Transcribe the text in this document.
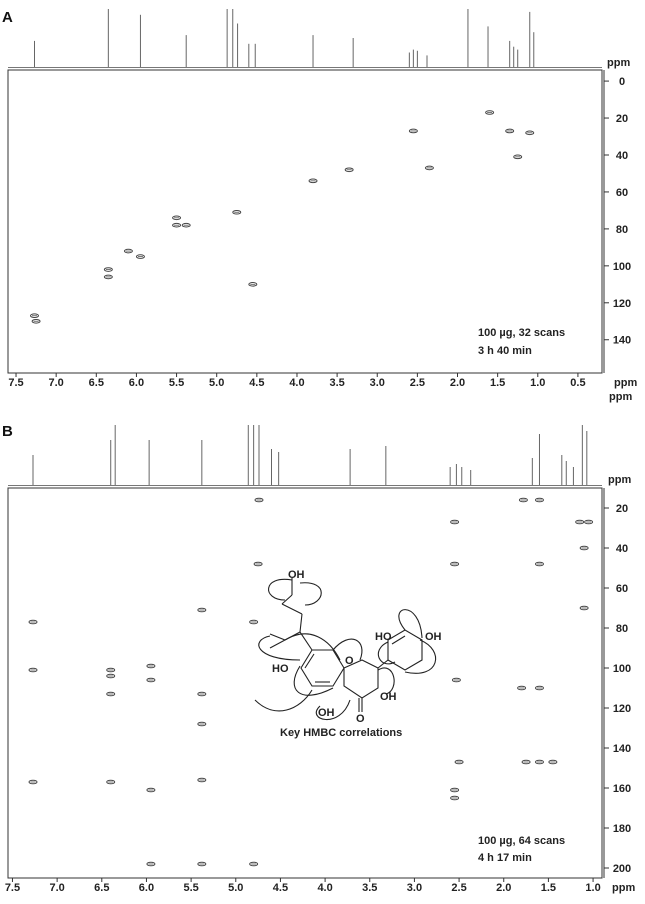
A
ppm
0
20
40
60
80
100
120
140
7.5 7.0 6.5 6.0 5.5 5.0 4.5 4.0 3.5 3.0 2.5 2.0 1.5 1.0 0.5	ppm
ppm
100 µg, 32 scans
3 h 40 min
B
ppm
20
40
60
80
100
120
140
160
180
200
7.5	7.0	6.5	6.0	5.5	5.0	4.5	4.0	3.5	3.0	2.5	2.0	1.5	1.0 ppm
100 µg, 64 scans
4 h 17 min
OH
HO	OH
HO
O
OH
OH O
Key HMBC correlations
